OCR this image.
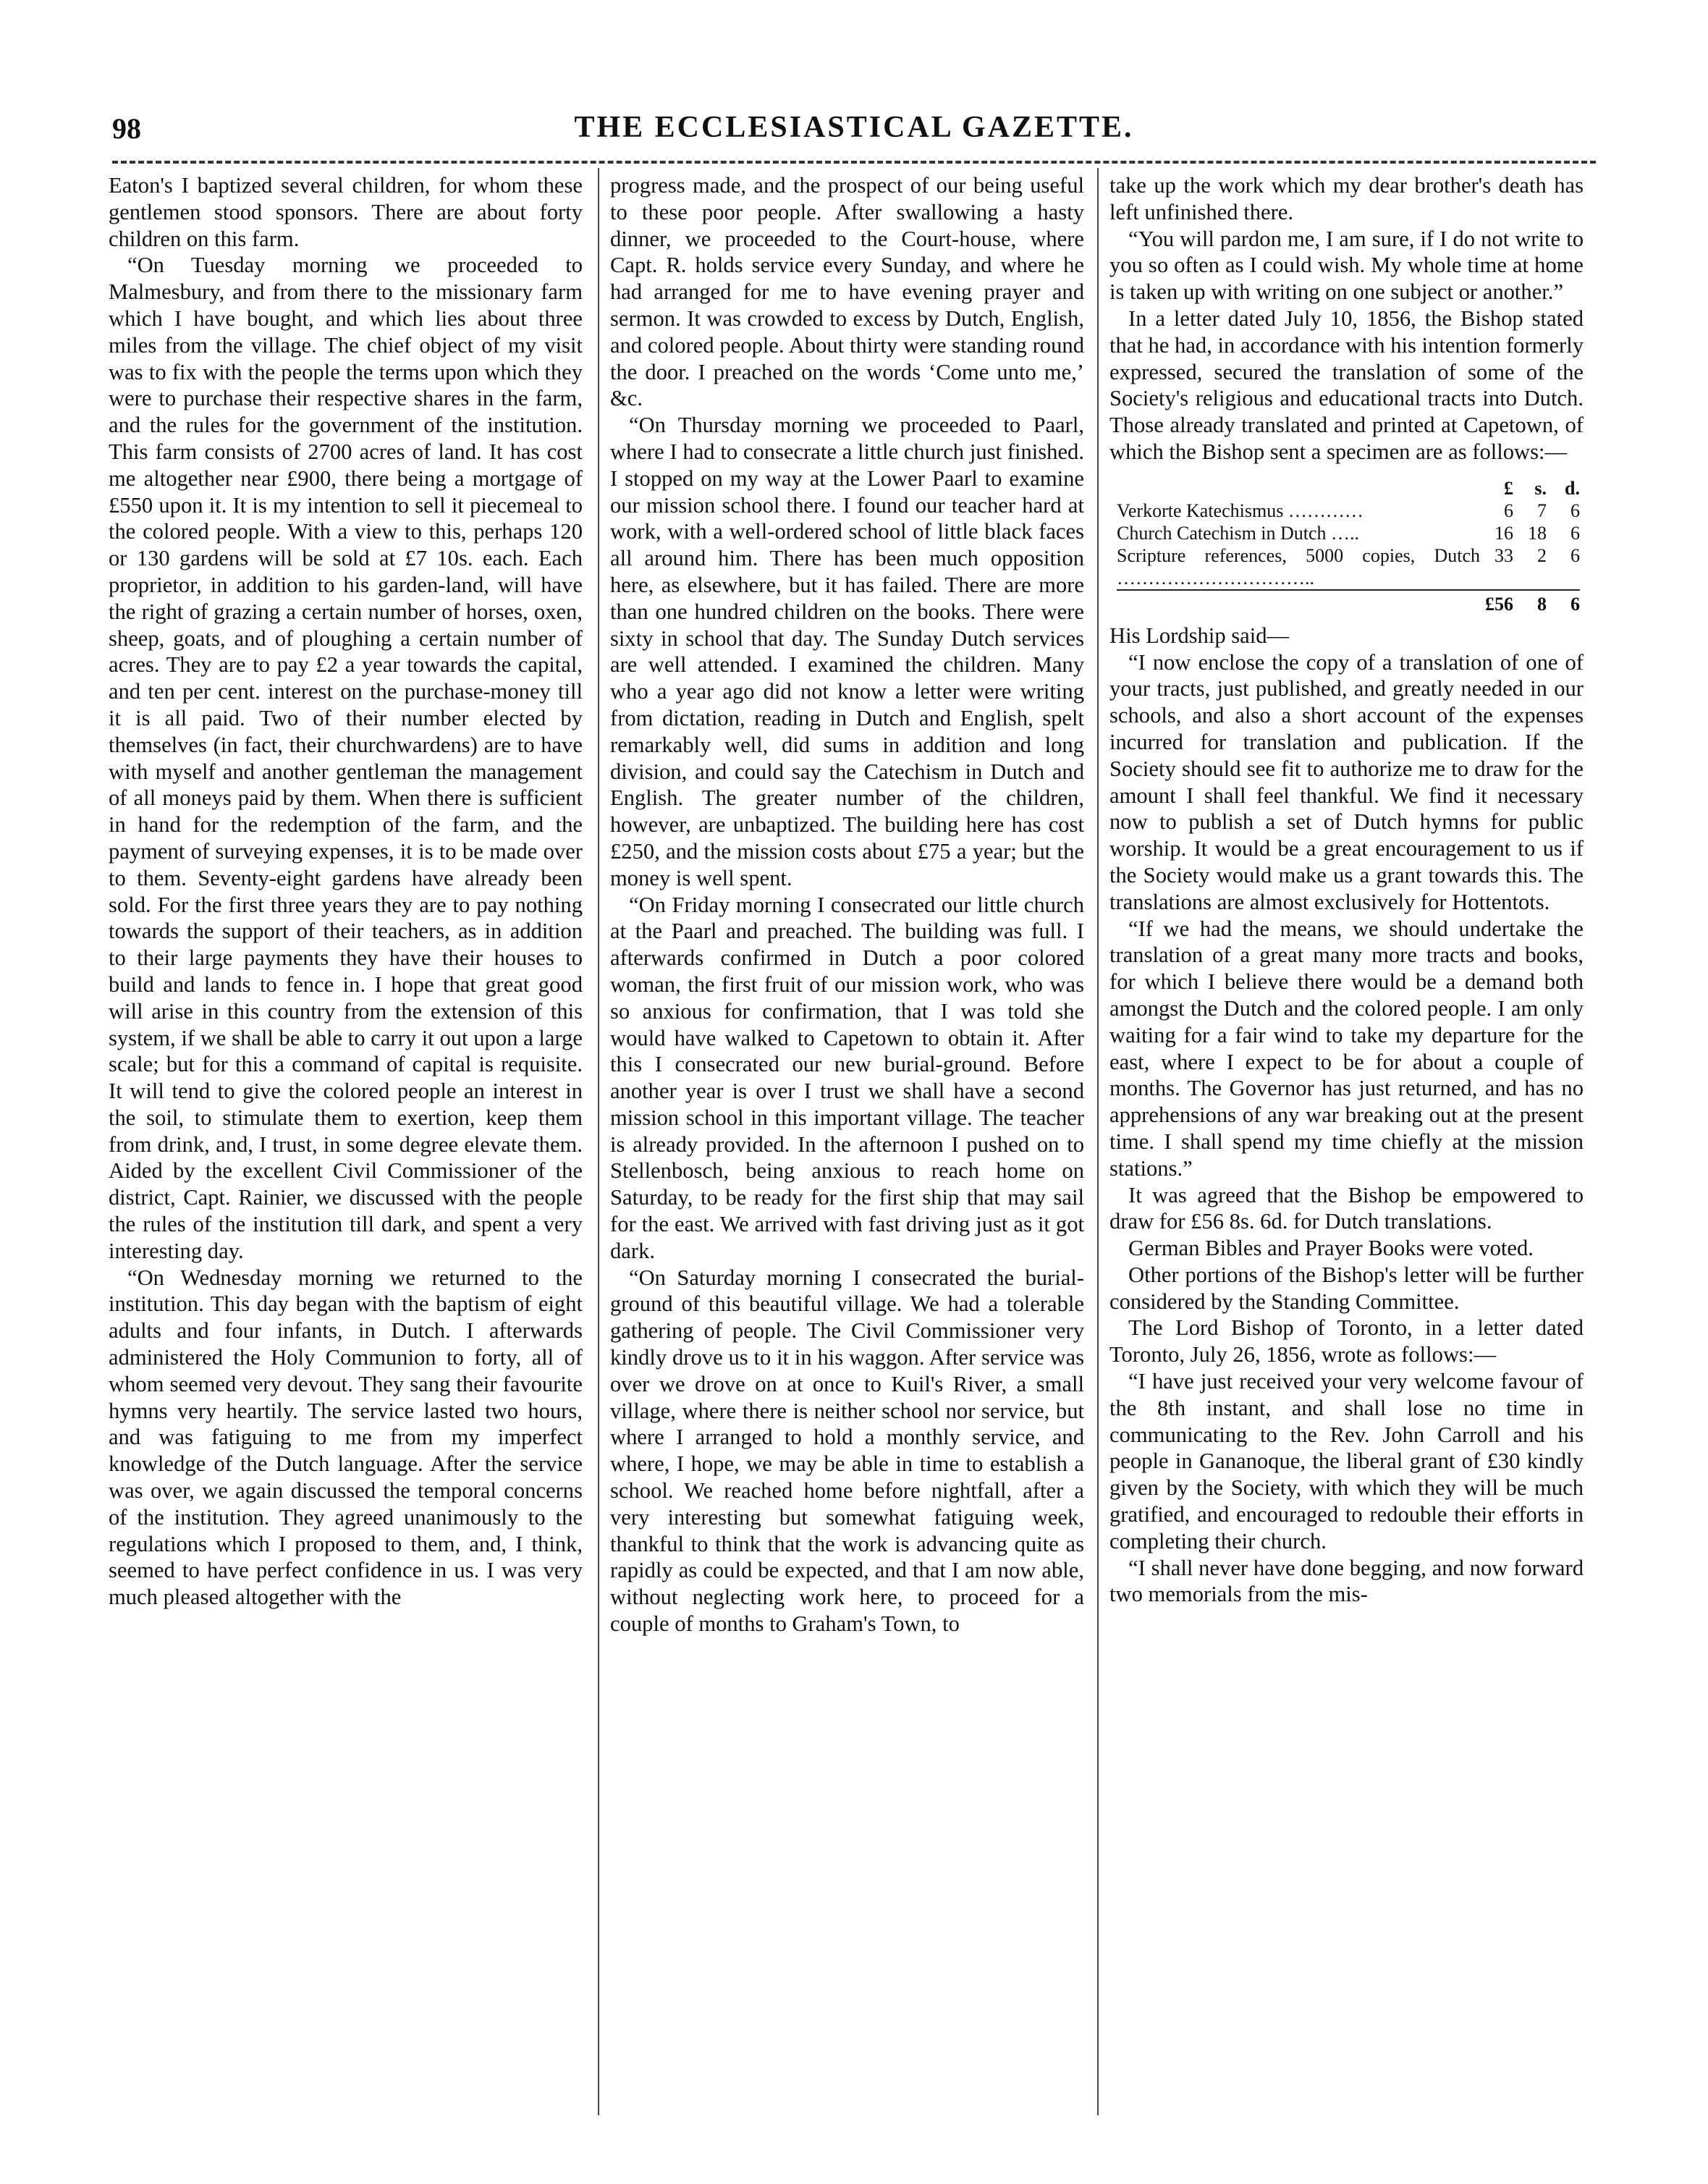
98	THE ECCLESIASTICAL GAZETTE.

Eaton's I baptized several children, for whom these gentlemen stood sponsors. There are about forty children on this farm.

“On Tuesday morning we proceeded to Malmesbury, and from there to the missionary farm which I have bought, and which lies about three miles from the village. The chief object of my visit was to fix with the people the terms upon which they were to purchase their respective shares in the farm, and the rules for the government of the institution. This farm consists of 2700 acres of land. It has cost me altogether near £900, there being a mortgage of £550 upon it. It is my intention to sell it piecemeal to the colored people. With a view to this, perhaps 120 or 130 gardens will be sold at £7 10s. each. Each proprietor, in addition to his garden-land, will have the right of grazing a certain number of horses, oxen, sheep, goats, and of ploughing a certain number of acres. They are to pay £2 a year towards the capital, and ten per cent. interest on the purchase-money till it is all paid. Two of their number elected by themselves (in fact, their churchwardens) are to have with myself and another gentleman the management of all moneys paid by them. When there is sufficient in hand for the redemption of the farm, and the payment of surveying expenses, it is to be made over to them. Seventy-eight gardens have already been sold. For the first three years they are to pay nothing towards the support of their teachers, as in addition to their large payments they have their houses to build and lands to fence in. I hope that great good will arise in this country from the extension of this system, if we shall be able to carry it out upon a large scale; but for this a command of capital is requisite. It will tend to give the colored people an interest in the soil, to stimulate them to exertion, keep them from drink, and, I trust, in some degree elevate them. Aided by the excellent Civil Commissioner of the district, Capt. Rainier, we discussed with the people the rules of the institution till dark, and spent a very interesting day.

“On Wednesday morning we returned to the institution. This day began with the baptism of eight adults and four infants, in Dutch. I afterwards administered the Holy Communion to forty, all of whom seemed very devout. They sang their favourite hymns very heartily. The service lasted two hours, and was fatiguing to me from my imperfect knowledge of the Dutch language. After the service was over, we again discussed the temporal concerns of the institution. They agreed unanimously to the regulations which I proposed to them, and, I think, seemed to have perfect confidence in us. I was very much pleased altogether with the

progress made, and the prospect of our being useful to these poor people. After swallowing a hasty dinner, we proceeded to the Court-house, where Capt. R. holds service every Sunday, and where he had arranged for me to have evening prayer and sermon. It was crowded to excess by Dutch, English, and colored people. About thirty were standing round the door. I preached on the words ‘Come unto me,’ &c.

“On Thursday morning we proceeded to Paarl, where I had to consecrate a little church just finished. I stopped on my way at the Lower Paarl to examine our mission school there. I found our teacher hard at work, with a well-ordered school of little black faces all around him. There has been much opposition here, as elsewhere, but it has failed. There are more than one hundred children on the books. There were sixty in school that day. The Sunday Dutch services are well attended. I examined the children. Many who a year ago did not know a letter were writing from dictation, reading in Dutch and English, spelt remarkably well, did sums in addition and long division, and could say the Catechism in Dutch and English. The greater number of the children, however, are unbaptized. The building here has cost £250, and the mission costs about £75 a year; but the money is well spent.

“On Friday morning I consecrated our little church at the Paarl and preached. The building was full. I afterwards confirmed in Dutch a poor colored woman, the first fruit of our mission work, who was so anxious for confirmation, that I was told she would have walked to Capetown to obtain it. After this I consecrated our new burial-ground. Before another year is over I trust we shall have a second mission school in this important village. The teacher is already provided. In the afternoon I pushed on to Stellenbosch, being anxious to reach home on Saturday, to be ready for the first ship that may sail for the east. We arrived with fast driving just as it got dark.

“On Saturday morning I consecrated the burial-ground of this beautiful village. We had a tolerable gathering of people. The Civil Commissioner very kindly drove us to it in his waggon. After service was over we drove on at once to Kuil's River, a small village, where there is neither school nor service, but where I arranged to hold a monthly service, and where, I hope, we may be able in time to establish a school. We reached home before nightfall, after a very interesting but somewhat fatiguing week, thankful to think that the work is advancing quite as rapidly as could be expected, and that I am now able, without neglecting work here, to proceed for a couple of months to Graham's Town, to

take up the work which my dear brother's death has left unfinished there.

“You will pardon me, I am sure, if I do not write to you so often as I could wish. My whole time at home is taken up with writing on one subject or another.”

In a letter dated July 10, 1856, the Bishop stated that he had, in accordance with his intention formerly expressed, secured the translation of some of the Society's religious and educational tracts into Dutch. Those already translated and printed at Capetown, of which the Bishop sent a specimen are as follows:—

	£	s.	d.
Verkorte Katechismus …………	6	7	6
Church Catechism in Dutch …..	16	18	6
Scripture references, 5000 copies, Dutch …………………………..	33	2	6
	£56	8	6

His Lordship said—

“I now enclose the copy of a translation of one of your tracts, just published, and greatly needed in our schools, and also a short account of the expenses incurred for translation and publication. If the Society should see fit to authorize me to draw for the amount I shall feel thankful. We find it necessary now to publish a set of Dutch hymns for public worship. It would be a great encouragement to us if the Society would make us a grant towards this. The translations are almost exclusively for Hottentots.

“If we had the means, we should undertake the translation of a great many more tracts and books, for which I believe there would be a demand both amongst the Dutch and the colored people. I am only waiting for a fair wind to take my departure for the east, where I expect to be for about a couple of months. The Governor has just returned, and has no apprehensions of any war breaking out at the present time. I shall spend my time chiefly at the mission stations.”

It was agreed that the Bishop be empowered to draw for £56 8s. 6d. for Dutch translations.

German Bibles and Prayer Books were voted.

Other portions of the Bishop's letter will be further considered by the Standing Committee.

The Lord Bishop of Toronto, in a letter dated Toronto, July 26, 1856, wrote as follows:—

“I have just received your very welcome favour of the 8th instant, and shall lose no time in communicating to the Rev. John Carroll and his people in Gananoque, the liberal grant of £30 kindly given by the Society, with which they will be much gratified, and encouraged to redouble their efforts in completing their church.

“I shall never have done begging, and now forward two memorials from the mis-
